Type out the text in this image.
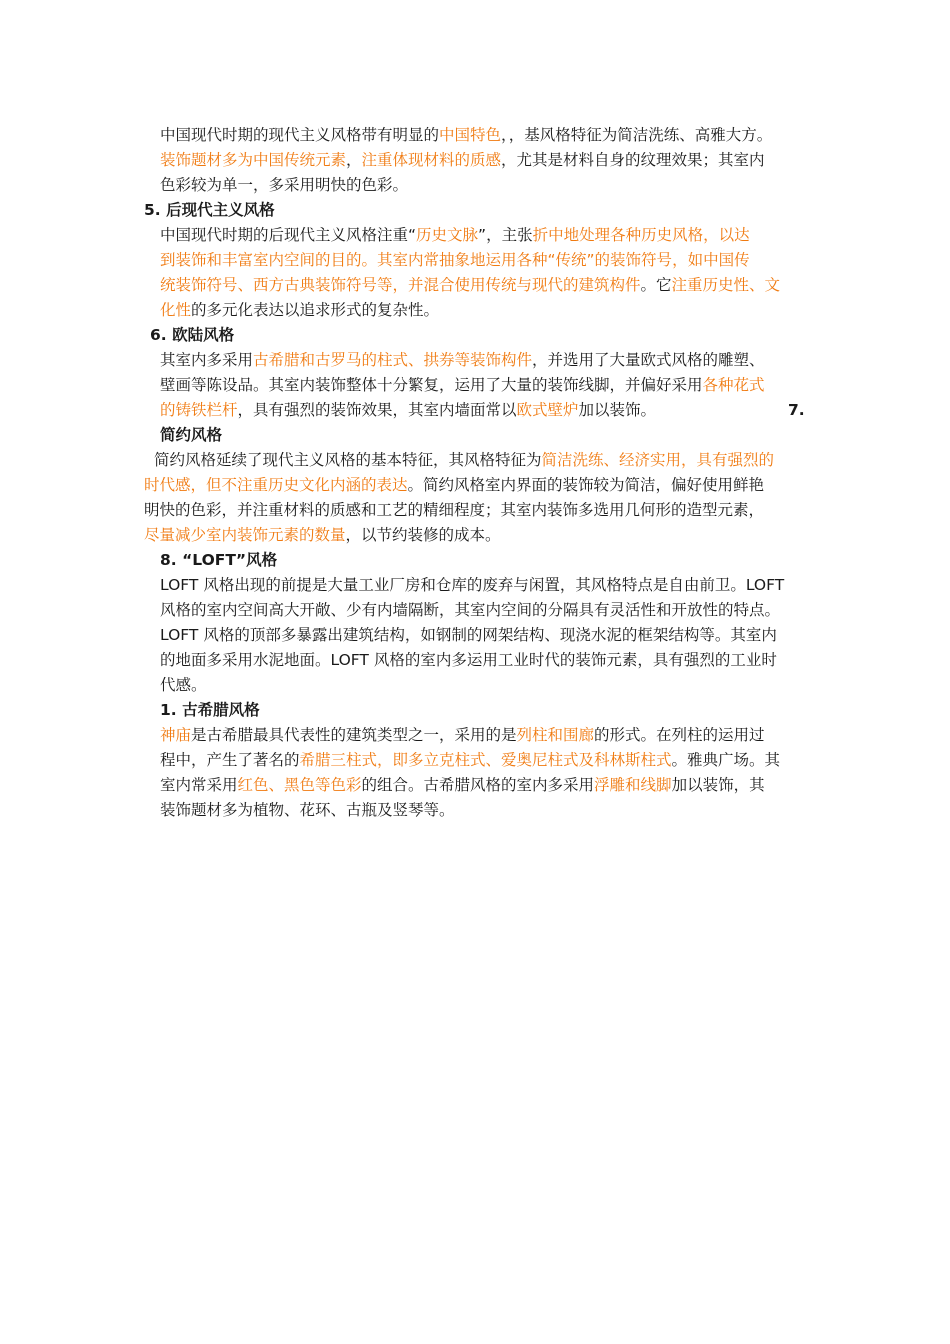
中国现代时期的现代主义风格带有明显的中国特色，，基风格特征为简洁洗练、高雅大方。
装饰题材多为中国传统元素，注重体现材料的质感，尤其是材料自身的纹理效果；其室内
色彩较为单一，多采用明快的色彩。
5. 后现代主义风格
中国现代时期的后现代主义风格注重“历史文脉”，主张折中地处理各种历史风格，以达
到装饰和丰富室内空间的目的。其室内常抽象地运用各种“传统”的装饰符号，如中国传
统装饰符号、西方古典装饰符号等，并混合使用传统与现代的建筑构件。它注重历史性、文
化性的多元化表达以追求形式的复杂性。
6. 欧陆风格
其室内多采用古希腊和古罗马的柱式、拱券等装饰构件，并选用了大量欧式风格的雕塑、
壁画等陈设品。其室内装饰整体十分繁复，运用了大量的装饰线脚，并偏好采用各种花式
的铸铁栏杆，具有强烈的装饰效果，其室内墙面常以欧式壁炉加以装饰。	7.
简约风格
简约风格延续了现代主义风格的基本特征，其风格特征为简洁洗练、经济实用，具有强烈的
时代感，但不注重历史文化内涵的表达。简约风格室内界面的装饰较为简洁，偏好使用鲜艳
明快的色彩，并注重材料的质感和工艺的精细程度；其室内装饰多选用几何形的造型元素，
尽量减少室内装饰元素的数量，以节约装修的成本。
8. “LOFT”风格
LOFT 风格出现的前提是大量工业厂房和仓库的废弃与闲置，其风格特点是自由前卫。LOFT
风格的室内空间高大开敞、少有内墙隔断，其室内空间的分隔具有灵活性和开放性的特点。
LOFT 风格的顶部多暴露出建筑结构，如钢制的网架结构、现浇水泥的框架结构等。其室内
的地面多采用水泥地面。LOFT 风格的室内多运用工业时代的装饰元素，具有强烈的工业时
代感。
1. 古希腊风格
神庙是古希腊最具代表性的建筑类型之一，采用的是列柱和围廊的形式。在列柱的运用过
程中，产生了著名的希腊三柱式，即多立克柱式、爱奥尼柱式及科林斯柱式。雅典广场。其
室内常采用红色、黑色等色彩的组合。古希腊风格的室内多采用浮雕和线脚加以装饰，其
装饰题材多为植物、花环、古瓶及竖琴等。
